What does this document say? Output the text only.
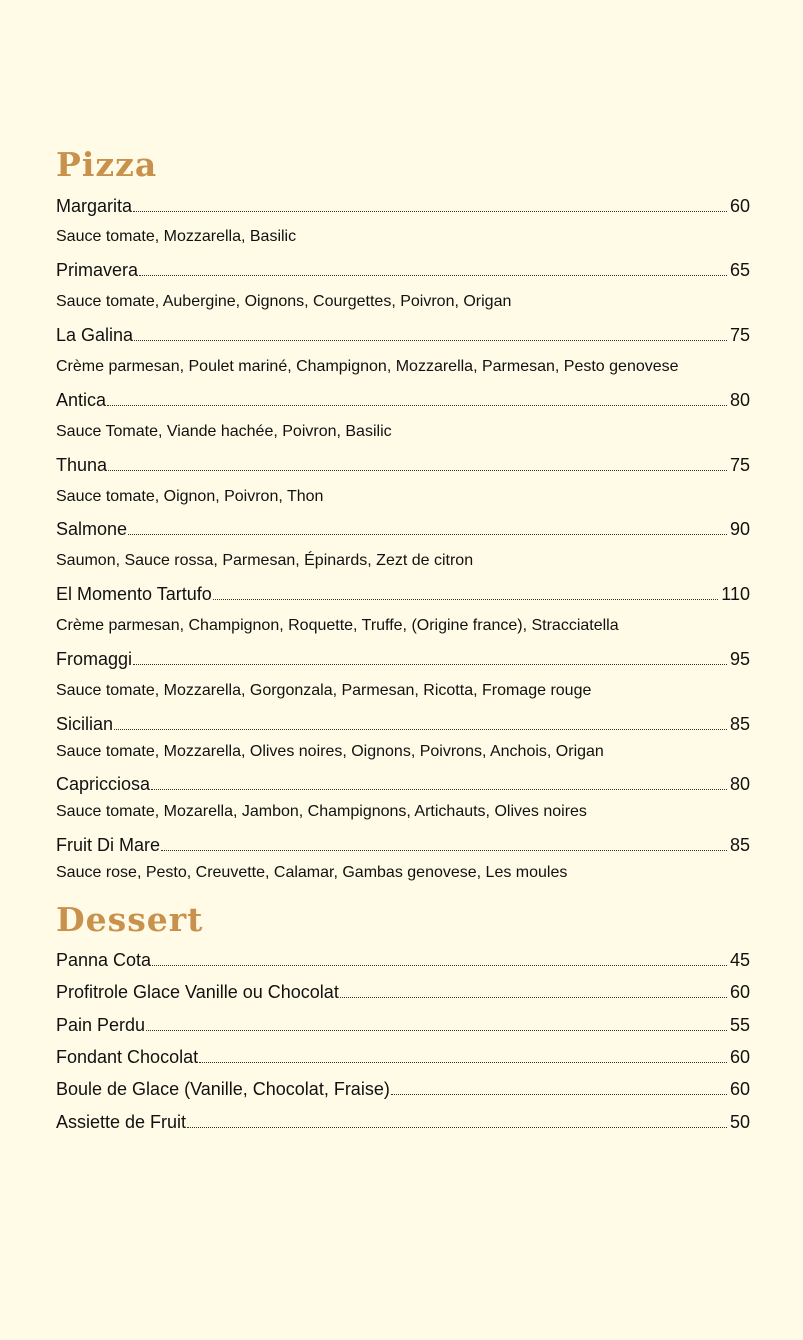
Pizza
Margarita	60
Sauce tomate, Mozzarella, Basilic
Primavera	65
Sauce tomate, Aubergine, Oignons, Courgettes, Poivron, Origan
La Galina	75
Crème parmesan, Poulet mariné, Champignon, Mozzarella, Parmesan, Pesto genovese
Antica	80
Sauce Tomate, Viande hachée, Poivron, Basilic
Thuna	75
Sauce tomate, Oignon, Poivron, Thon
Salmone	90
Saumon, Sauce rossa, Parmesan, Épinards, Zezt de citron
El Momento Tartufo	110
Crème parmesan, Champignon, Roquette, Truffe, (Origine france), Stracciatella
Fromaggi	95
Sauce tomate, Mozzarella, Gorgonzala, Parmesan, Ricotta, Fromage rouge
Sicilian	85
Sauce tomate, Mozzarella, Olives noires, Oignons, Poivrons, Anchois, Origan
Capricciosa	80
Sauce tomate, Mozarella, Jambon, Champignons, Artichauts, Olives noires
Fruit Di Mare	85
Sauce rose, Pesto, Creuvette, Calamar, Gambas genovese, Les moules
Dessert
Panna Cota	45
Profitrole Glace Vanille ou Chocolat	60
Pain Perdu	55
Fondant Chocolat	60
Boule de Glace (Vanille, Chocolat, Fraise)	60
Assiette de Fruit	50
